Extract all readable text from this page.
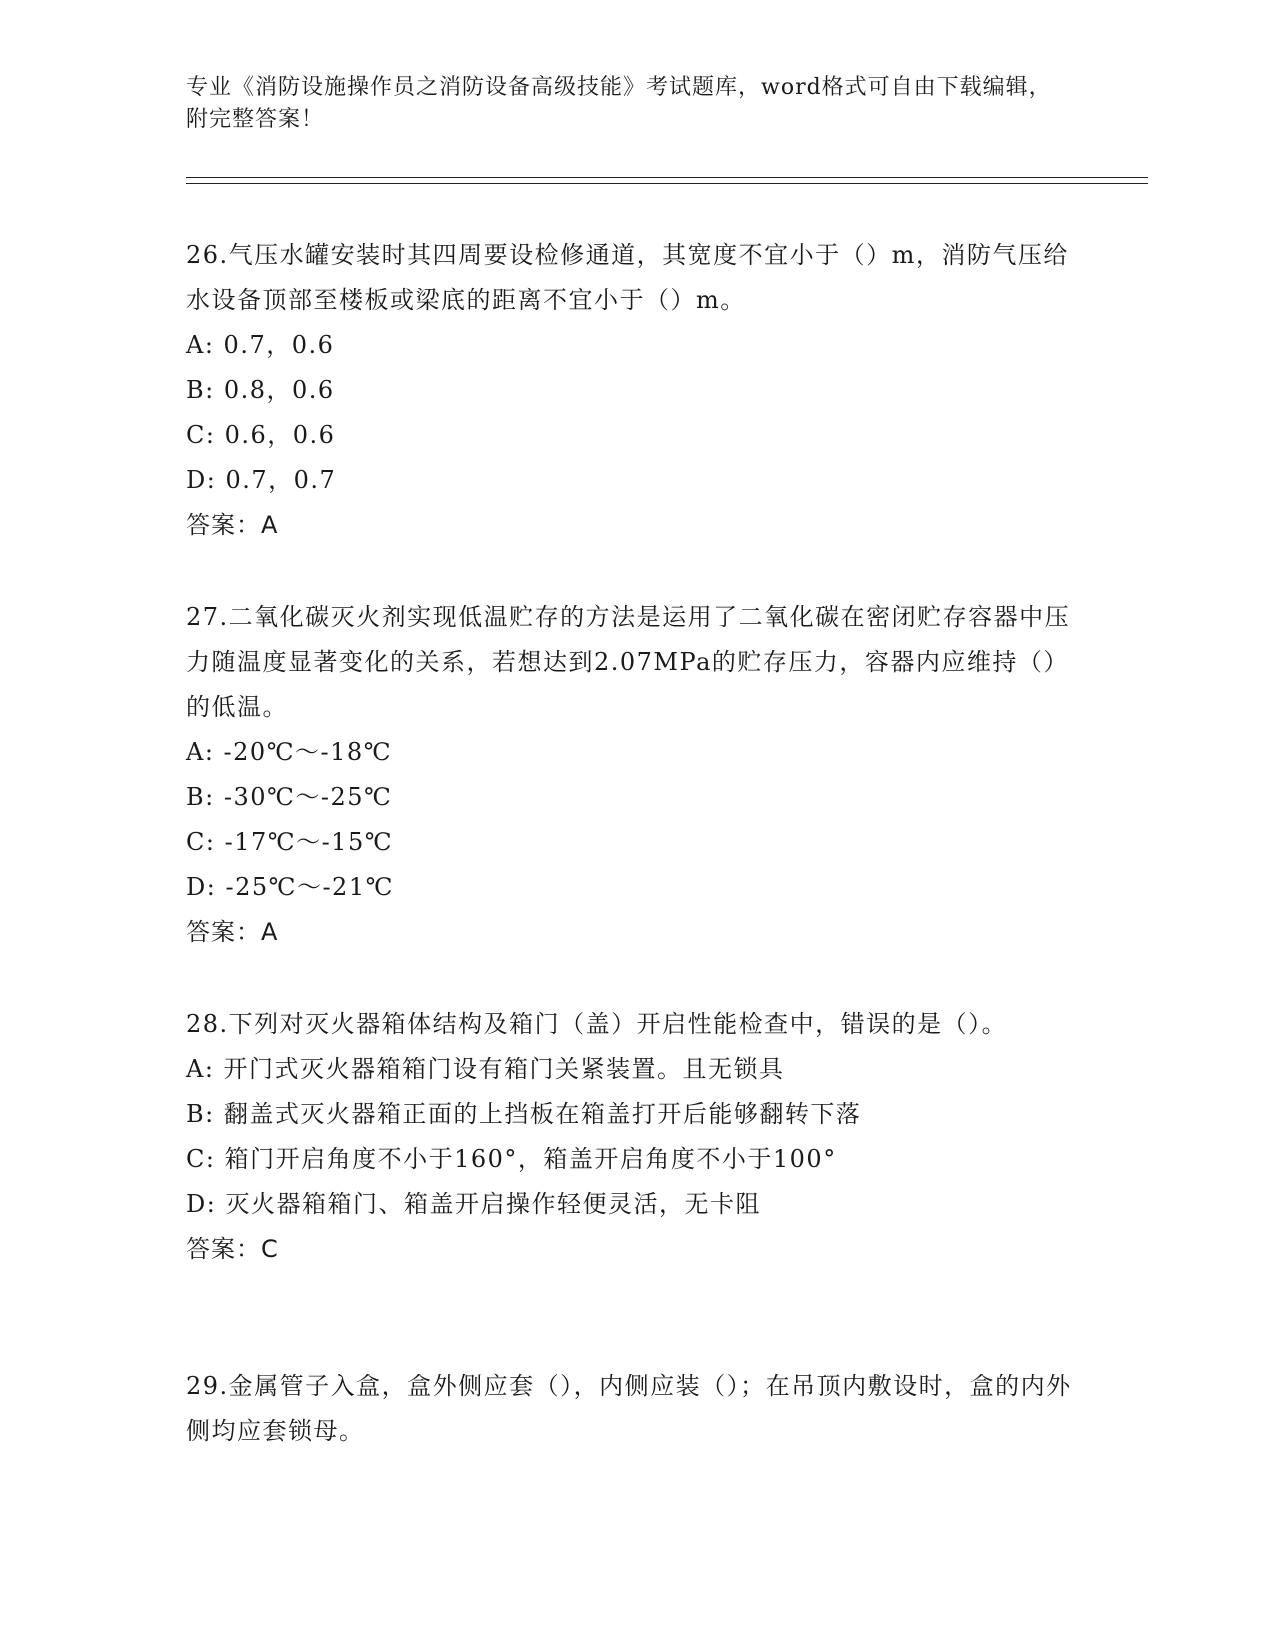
专业《消防设施操作员之消防设备高级技能》考试题库，word格式可自由下载编辑，附完整答案！

26.气压水罐安装时其四周要设检修通道，其宽度不宜小于（）m，消防气压给水设备顶部至楼板或梁底的距离不宜小于（）m。

A: 0.7，0.6

B: 0.8，0.6

C: 0.6，0.6

D: 0.7，0.7

答案：A

27.二氧化碳灭火剂实现低温贮存的方法是运用了二氧化碳在密闭贮存容器中压力随温度显著变化的关系，若想达到2.07MPa的贮存压力，容器内应维持（）的低温。

A: -20℃～-18℃

B: -30℃～-25℃

C: -17℃～-15℃

D: -25℃～-21℃

答案：A

28.下列对灭火器箱体结构及箱门（盖）开启性能检查中，错误的是（）。

A: 开门式灭火器箱箱门设有箱门关紧装置。且无锁具

B: 翻盖式灭火器箱正面的上挡板在箱盖打开后能够翻转下落

C: 箱门开启角度不小于160°，箱盖开启角度不小于100°

D: 灭火器箱箱门、箱盖开启操作轻便灵活，无卡阻

答案：C

29.金属管子入盒，盒外侧应套（），内侧应装（）；在吊顶内敷设时，盒的内外侧均应套锁母。
